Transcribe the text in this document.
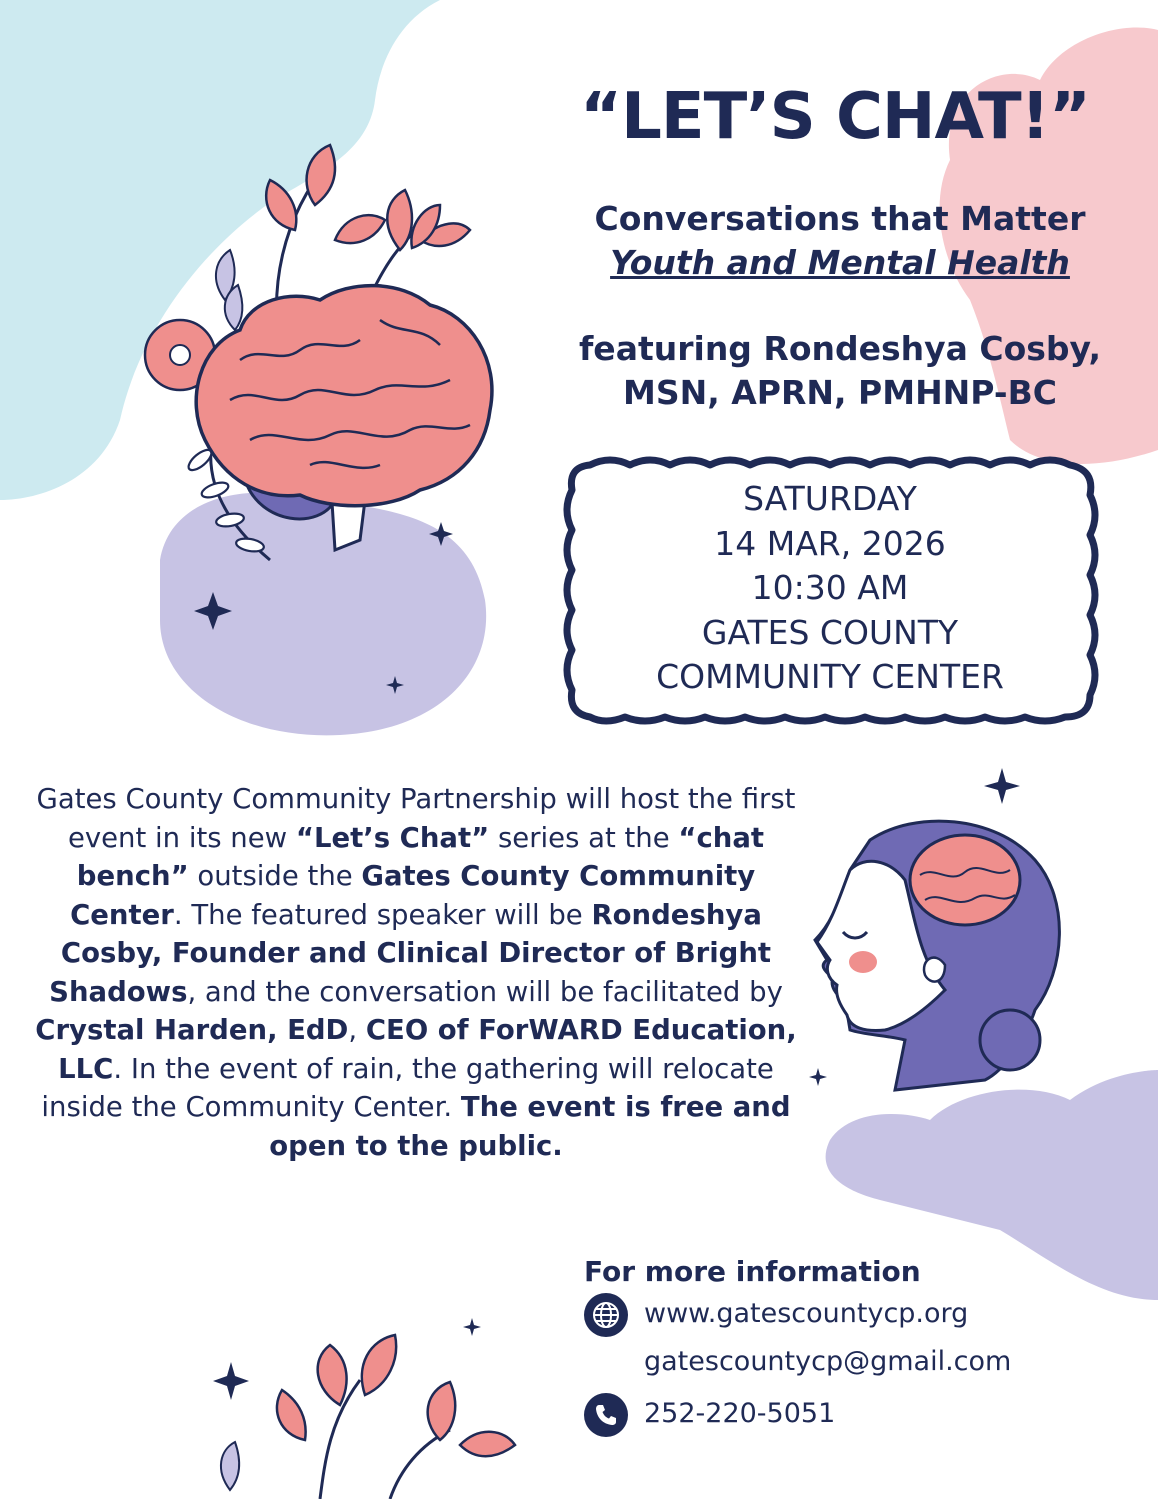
“LET’S CHAT!”
Conversations that Matter
Youth and Mental Health
featuring Rondeshya Cosby,
MSN, APRN, PMHNP-BC
SATURDAY
14 MAR, 2026
10:30 AM
GATES COUNTY
COMMUNITY CENTER
Gates County Community Partnership will host the first event in its new “Let’s Chat” series at the “chat bench” outside the Gates County Community Center. The featured speaker will be Rondeshya Cosby, Founder and Clinical Director of Bright Shadows, and the conversation will be facilitated by Crystal Harden, EdD, CEO of ForWARD Education, LLC. In the event of rain, the gathering will relocate inside the Community Center. The event is free and open to the public.
For more information
www.gatescountycp.org
gatescountycp@gmail.com
252-220-5051
